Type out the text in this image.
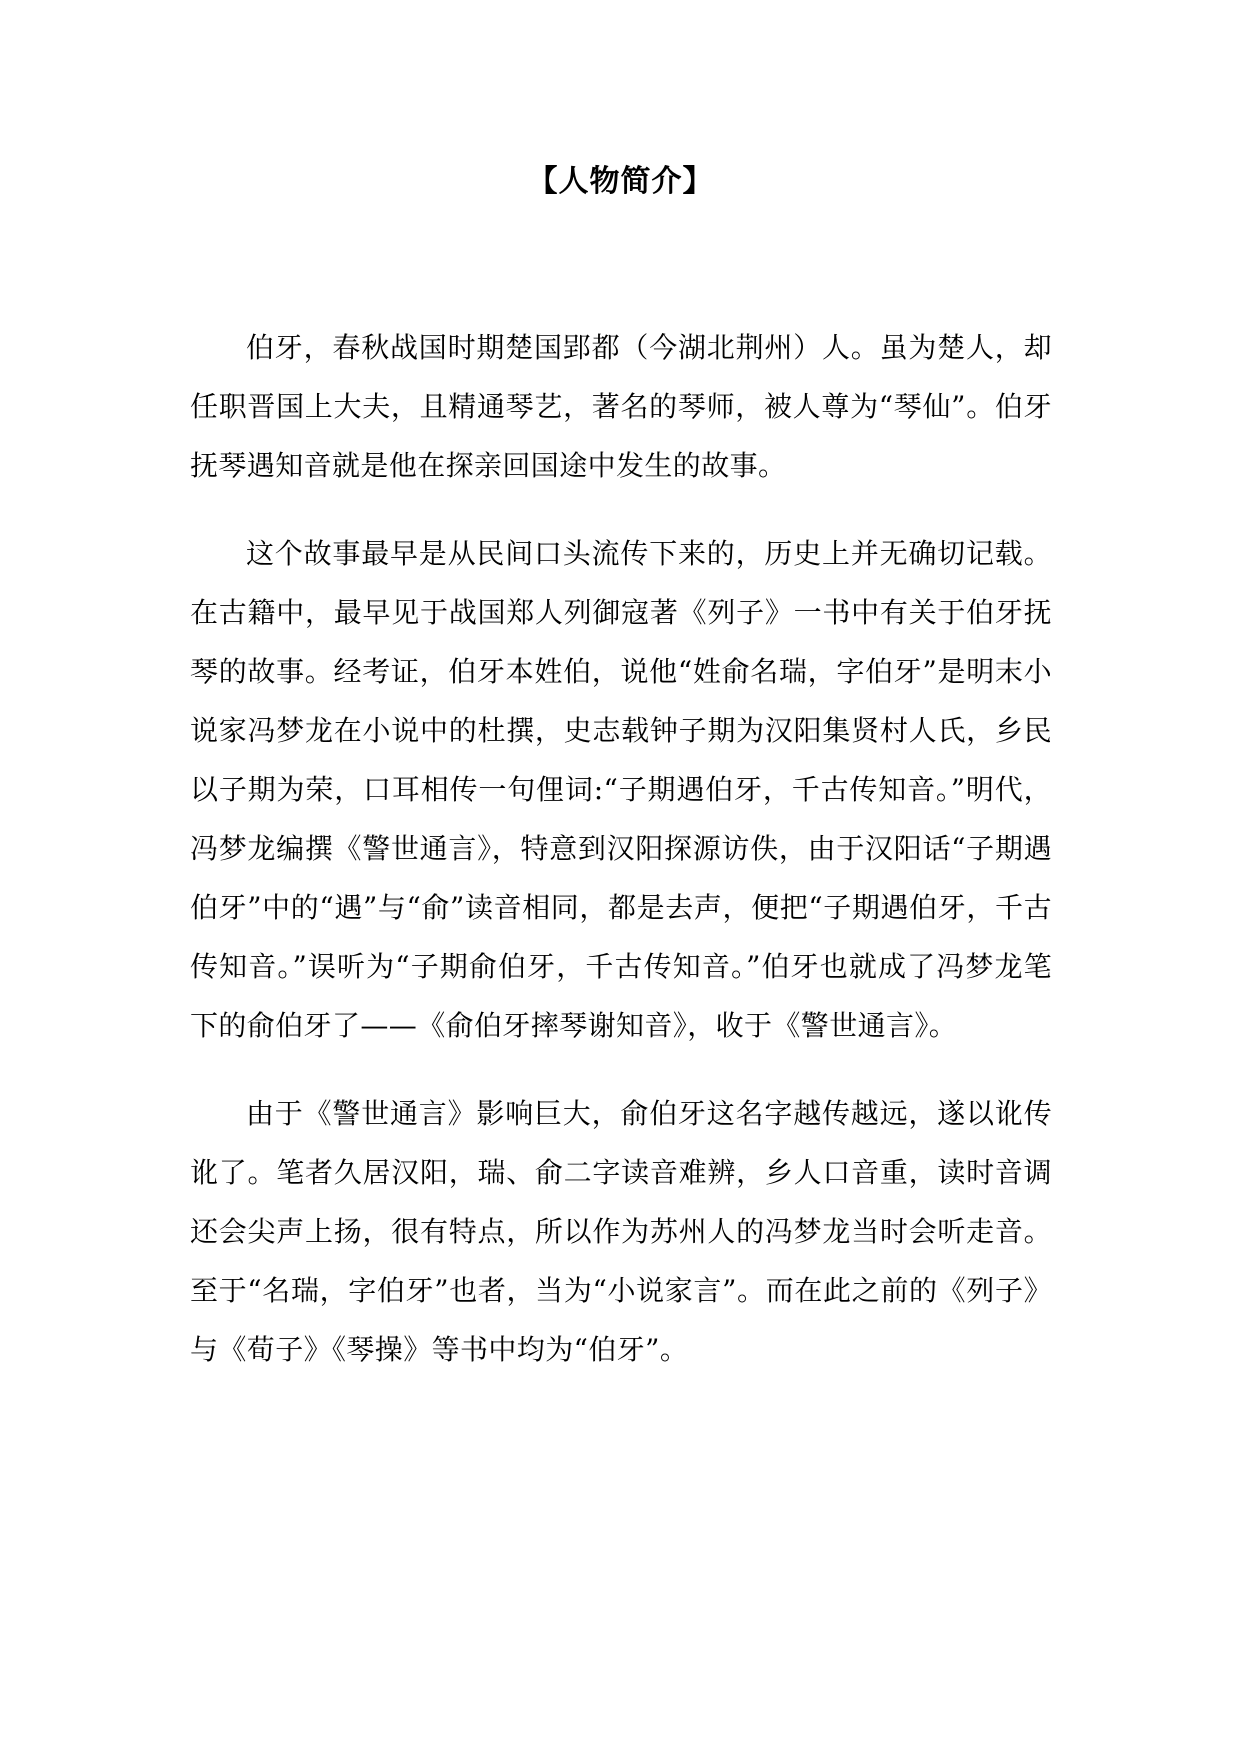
【人物简介】

伯牙，春秋战国时期楚国郢都（今湖北荆州）人。虽为楚人，却任职晋国上大夫，且精通琴艺，著名的琴师，被人尊为“琴仙”。伯牙抚琴遇知音就是他在探亲回国途中发生的故事。

这个故事最早是从民间口头流传下来的，历史上并无确切记载。在古籍中，最早见于战国郑人列御寇著《列子》一书中有关于伯牙抚琴的故事。经考证，伯牙本姓伯，说他“姓俞名瑞，字伯牙”是明末小说家冯梦龙在小说中的杜撰，史志载钟子期为汉阳集贤村人氏，乡民以子期为荣，口耳相传一句俚词:“子期遇伯牙，千古传知音。”明代，冯梦龙编撰《警世通言》，特意到汉阳探源访佚，由于汉阳话“子期遇伯牙”中的“遇”与“俞”读音相同，都是去声，便把“子期遇伯牙，千古传知音。”误听为“子期俞伯牙，千古传知音。”伯牙也就成了冯梦龙笔下的俞伯牙了——《俞伯牙摔琴谢知音》，收于《警世通言》。

由于《警世通言》影响巨大，俞伯牙这名字越传越远，遂以讹传讹了。笔者久居汉阳，瑞、俞二字读音难辨，乡人口音重，读时音调还会尖声上扬，很有特点，所以作为苏州人的冯梦龙当时会听走音。至于“名瑞，字伯牙”也者，当为“小说家言”。而在此之前的《列子》与《荀子》《琴操》等书中均为“伯牙”。
